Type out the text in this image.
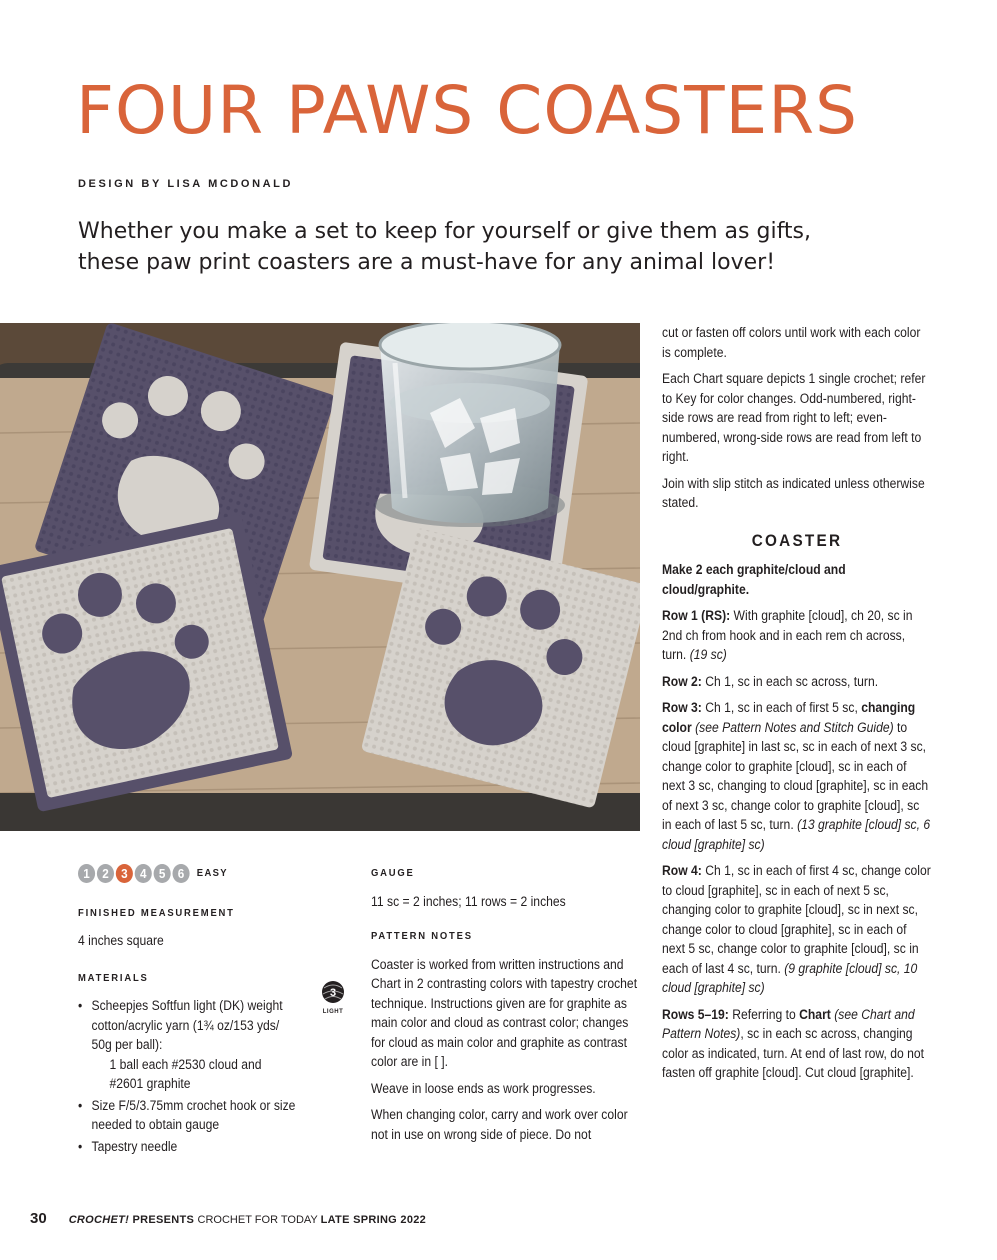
FOUR PAWS COASTERS
DESIGN BY LISA MCDONALD
Whether you make a set to keep for yourself or give them as gifts,
these paw print coasters are a must-have for any animal lover!

cut or fasten off colors until work with each color is complete.

Each Chart square depicts 1 single crochet; refer to Key for color changes. Odd-numbered, right-side rows are read from right to left; even-numbered, wrong-side rows are read from left to right.

Join with slip stitch as indicated unless otherwise stated.

COASTER

Make 2 each graphite/cloud and cloud/graphite.

Row 1 (RS): With graphite [cloud], ch 20, sc in 2nd ch from hook and in each rem ch across, turn. (19 sc)

Row 2: Ch 1, sc in each sc across, turn.

Row 3: Ch 1, sc in each of first 5 sc, changing color (see Pattern Notes and Stitch Guide) to cloud [graphite] in last sc, sc in each of next 3 sc, change color to graphite [cloud], sc in each of next 3 sc, changing to cloud [graphite], sc in each of next 3 sc, change color to graphite [cloud], sc in each of last 5 sc, turn. (13 graphite [cloud] sc, 6 cloud [graphite] sc)

Row 4: Ch 1, sc in each of first 4 sc, change color to cloud [graphite], sc in each of next 5 sc, changing color to graphite [cloud], sc in next sc, change color to cloud [graphite], sc in each of next 5 sc, change color to graphite [cloud], sc in each of last 4 sc, turn. (9 graphite [cloud] sc, 10 cloud [graphite] sc)

Rows 5–19: Referring to Chart (see Chart and Pattern Notes), sc in each sc across, changing color as indicated, turn. At end of last row, do not fasten off graphite [cloud]. Cut cloud [graphite].

1 2 3 4 5 6	EASY
FINISHED MEASUREMENT

4 inches square

MATERIALS
• Scheepjes Softfun light (DK) weight cotton/acrylic yarn (1¾ oz/153 yds/ 50g per ball):
1 ball each #2530 cloud and #2601 graphite
• Size F/5/3.75mm crochet hook or size needed to obtain gauge
• Tapestry needle
3
LIGHT
GAUGE

11 sc = 2 inches; 11 rows = 2 inches

PATTERN NOTES

Coaster is worked from written instructions and Chart in 2 contrasting colors with tapestry crochet technique. Instructions given are for graphite as main color and cloud as contrast color; changes for cloud as main color and graphite as contrast color are in [ ].

Weave in loose ends as work progresses.

When changing color, carry and work over color not in use on wrong side of piece. Do not

30 CROCHET! PRESENTS CROCHET FOR TODAY LATE SPRING 2022
